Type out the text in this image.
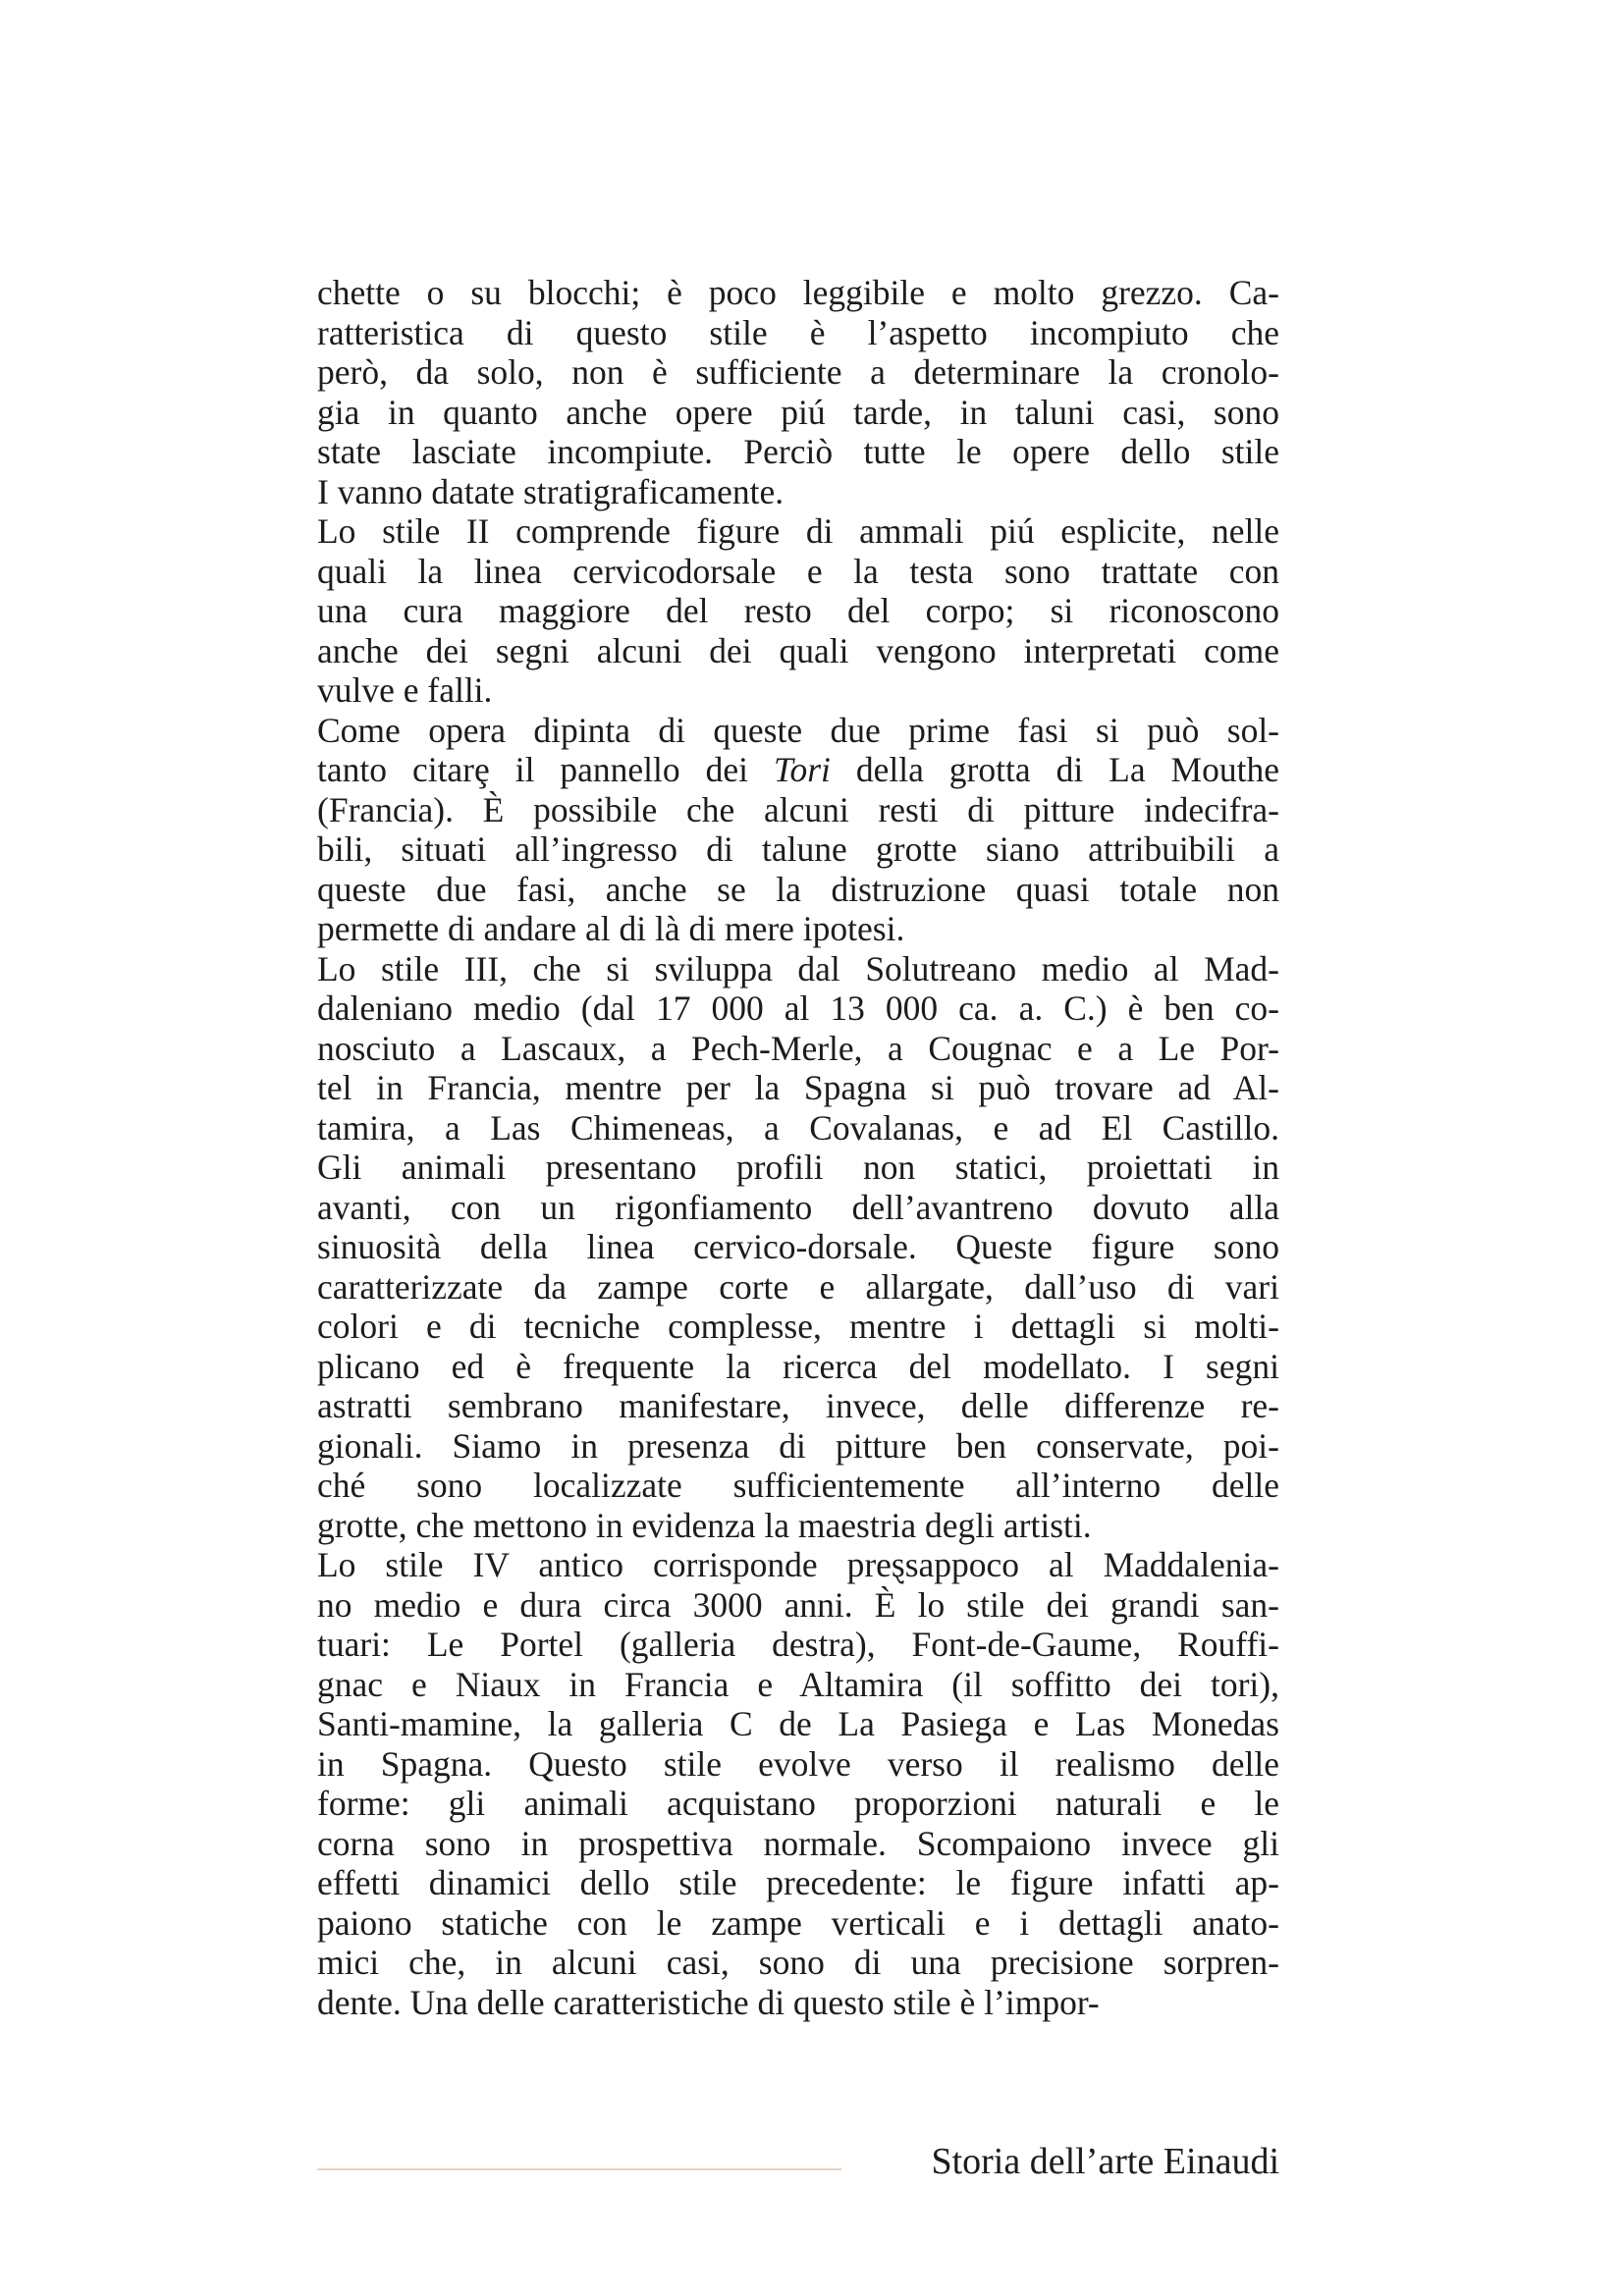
chette o su blocchi; è poco leggibile e molto grezzo. Ca-
ratteristica di questo stile è l’aspetto incompiuto che
però, da solo, non è sufficiente a determinare la cronolo-
gia in quanto anche opere piú tarde, in taluni casi, sono
state lasciate incompiute. Perciò tutte le opere dello stile
I vanno datate stratigraficamente.
Lo stile II comprende figure di ammali piú esplicite, nelle
quali la linea cervicodorsale e la testa sono trattate con
una cura maggiore del resto del corpo; si riconoscono
anche dei segni alcuni dei quali vengono interpretati come
vulve e falli.
Come opera dipinta di queste due prime fasi si può sol-
tanto citarȩ il pannello dei Tori della grotta di La Mouthe
(Francia). È possibile che alcuni resti di pitture indecifra-
bili, situati all’ingresso di talune grotte siano attribuibili a
queste due fasi, anche se la distruzione quasi totale non
permette di andare al di là di mere ipotesi.
Lo stile III, che si sviluppa dal Solutreano medio al Mad-
daleniano medio (dal 17 000 al 13 000 ca. a. C.) è ben co-
nosciuto a Lascaux, a Pech-Merle, a Cougnac e a Le Por-
tel in Francia, mentre per la Spagna si può trovare ad Al-
tamira, a Las Chimeneas, a Covalanas, e ad El Castillo.
Gli animali presentano profili non statici, proiettati in
avanti, con un rigonfiamento dell’avantreno dovuto alla
sinuosità della linea cervico-dorsale. Queste figure sono
caratterizzate da zampe corte e allargate, dall’uso di vari
colori e di tecniche complesse, mentre i dettagli si molti-
plicano ed è frequente la ricerca del modellato. I segni
astratti sembrano manifestare, invece, delle differenze re-
gionali. Siamo in presenza di pitture ben conservate, poi-
ché sono localizzate sufficientemente all’interno delle
grotte, che mettono in evidenza la maestria degli artisti.
Lo stile IV antico corrisponde preȿsappoco al Maddalenia-
no medio e dura circa 3000 anni. È lo stile dei grandi san-
tuari: Le Portel (galleria destra), Font-de-Gaume, Rouffi-
gnac e Niaux in Francia e Altamira (il soffitto dei tori),
Santi-mamine, la galleria C de La Pasiega e Las Monedas
in Spagna. Questo stile evolve verso il realismo delle
forme: gli animali acquistano proporzioni naturali e le
corna sono in prospettiva normale. Scompaiono invece gli
effetti dinamici dello stile precedente: le figure infatti ap-
paiono statiche con le zampe verticali e i dettagli anato-
mici che, in alcuni casi, sono di una precisione sorpren-
dente. Una delle caratteristiche di questo stile è l’impor-
Storia dell’arte Einaudi
